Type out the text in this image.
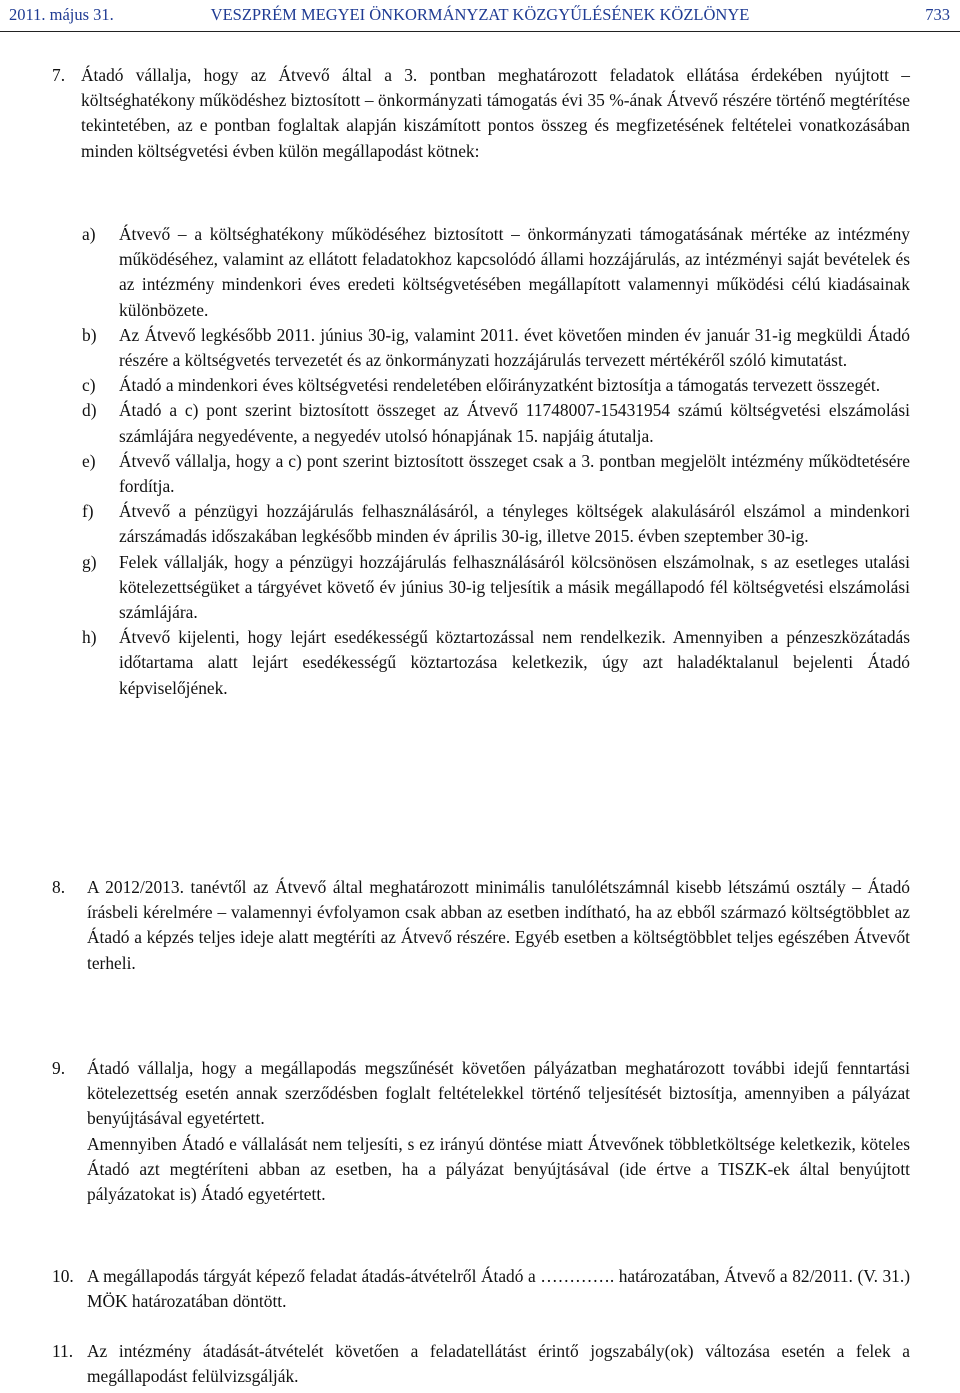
2011. május 31.	VESZPRÉM MEGYEI ÖNKORMÁNYZAT KÖZGYŰLÉSÉNEK KÖZLÖNYE	733
7. Átadó vállalja, hogy az Átvevő által a 3. pontban meghatározott feladatok ellátása érdekében nyújtott – költséghatékony működéshez biztosított – önkormányzati támogatás évi 35 %-ának Átvevő részére történő megtérítése tekintetében, az e pontban foglaltak alapján kiszámított pontos összeg és megfizetésének feltételei vonatkozásában minden költségvetési évben külön megállapodást kötnek:
a)	Átvevő – a költséghatékony működéséhez biztosított – önkormányzati támogatásának mértéke az intézmény működéséhez, valamint az ellátott feladatokhoz kapcsolódó állami hozzájárulás, az intézményi saját bevételek és az intézmény mindenkori éves eredeti költségvetésében megállapított valamennyi működési célú kiadásainak különbözete.
b)	Az Átvevő legkésőbb 2011. június 30-ig, valamint 2011. évet követően minden év január 31-ig megküldi Átadó részére a költségvetés tervezetét és az önkormányzati hozzájárulás tervezett mértékéről szóló kimutatást.
c)	Átadó a mindenkori éves költségvetési rendeletében előirányzatként biztosítja a támogatás tervezett összegét.
d)	Átadó a c) pont szerint biztosított összeget az Átvevő 11748007-15431954 számú költségvetési elszámolási számlájára negyedévente, a negyedév utolsó hónapjának 15. napjáig átutalja.
e)	Átvevő vállalja, hogy a c) pont szerint biztosított összeget csak a 3. pontban megjelölt intézmény működtetésére fordítja.
f)	Átvevő a pénzügyi hozzájárulás felhasználásáról, a tényleges költségek alakulásáról elszámol a mindenkori zárszámadás időszakában legkésőbb minden év április 30-ig, illetve 2015. évben szeptember 30-ig.
g)	Felek vállalják, hogy a pénzügyi hozzájárulás felhasználásáról kölcsönösen elszámolnak, s az esetleges utalási kötelezettségüket a tárgyévet követő év június 30-ig teljesítik a másik megállapodó fél költségvetési elszámolási számlájára.
h)	Átvevő kijelenti, hogy lejárt esedékességű köztartozással nem rendelkezik. Amennyiben a pénzeszközátadás időtartama alatt lejárt esedékességű köztartozása keletkezik, úgy azt haladéktalanul bejelenti Átadó képviselőjének.
8.	A 2012/2013. tanévtől az Átvevő által meghatározott minimális tanulólétszámnál kisebb létszámú osztály – Átadó írásbeli kérelmére – valamennyi évfolyamon csak abban az esetben indítható, ha az ebből származó költségtöbblet az Átadó a képzés teljes ideje alatt megtéríti az Átvevő részére. Egyéb esetben a költségtöbblet teljes egészében Átvevőt terheli.
9.	Átadó vállalja, hogy a megállapodás megszűnését követően pályázatban meghatározott további idejű fenntartási kötelezettség esetén annak szerződésben foglalt feltételekkel történő teljesítését biztosítja, amennyiben a pályázat benyújtásával egyetértett.

Amennyiben Átadó e vállalását nem teljesíti, s ez irányú döntése miatt Átvevőnek többletköltsége keletkezik, köteles Átadó azt megtéríteni abban az esetben, ha a pályázat benyújtásával (ide értve a TISZK-ek által benyújtott pályázatokat is) Átadó egyetértett.

10. A megállapodás tárgyát képező feladat átadás-átvételről Átadó a …………. határozatában, Átvevő a 82/2011. (V. 31.) MÖK határozatában döntött.
11. Az intézmény átadását-átvételét követően a feladatellátást érintő jogszabály(ok) változása esetén a felek a megállapodást felülvizsgálják.
